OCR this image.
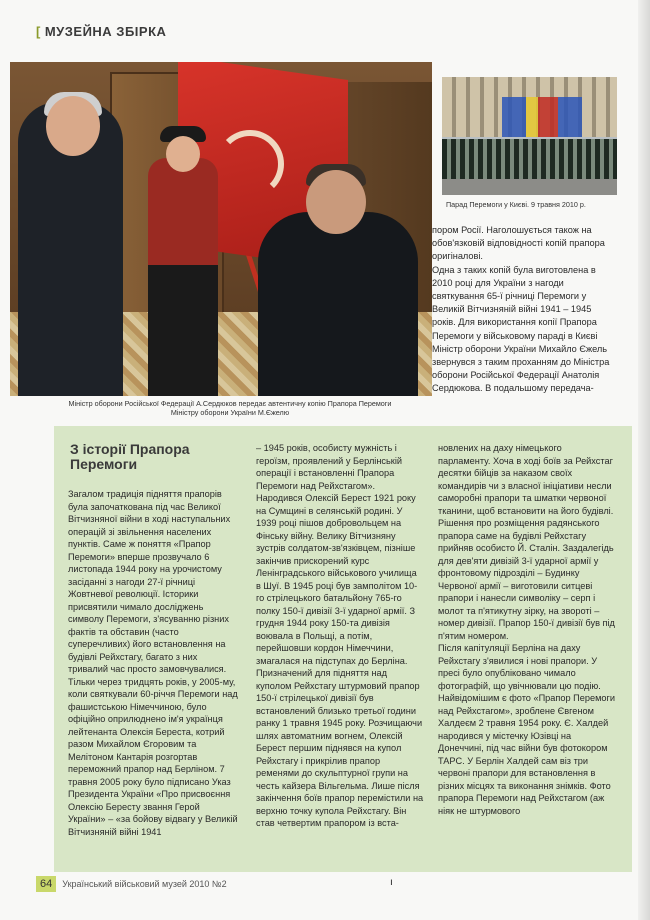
[ МУЗЕЙНА ЗБІРКА
Міністр оборони Російської Федерації А.Сердюков передає автентичну копію Прапора Перемоги Міністру оборони України М.Єжелю
Парад Перемоги у Києві. 9 травня 2010 р.

пором Росії. Наголошується також на обов'язковій відповідності копій прапора оригіналові.

Одна з таких копій була виготовлена в 2010 році для України з нагоди святкування 65-ї річниці Перемоги у Великій Вітчизняній війні 1941 – 1945 років. Для використання копії Прапора Перемоги у військовому параді в Києві Міністр оборони України Михайло Єжель звернувся з таким проханням до Міністра оборони Російської Федерації Анатолія Сердюкова. В подальшому передача-

З історії Прапора Перемоги

Загалом традиція підняття прапорів була започаткована під час Великої Вітчизняної війни в ході наступальних операцій зі звільнення населених пунктів. Саме ж поняття «Прапор Перемоги» вперше прозвучало 6 листопада 1944 року на урочистому засіданні з нагоди 27-ї річниці Жовтневої революції. Історики присвятили чимало досліджень символу Перемоги, з'ясуванню різних фактів та обставин (часто суперечливих) його встановлення на будівлі Рейхстагу, багато з них тривалий час просто замовчувалися.

Тільки через тридцять років, у 2005-му, коли святкували 60-річчя Перемоги над фашистською Німеччиною, було офіційно оприлюднено ім'я українця лейтенанта Олексія Береста, котрий разом Михайлом Єгоровим та Мелітоном Кантарія розгортав переможний прапор над Берліном. 7 травня 2005 року було підписано Указ Президента України «Про присвоєння Олексію Бересту звання Герой України» – «за бойову відвагу у Великій Вітчизняній війні 1941

– 1945 років, особисту мужність і героїзм, проявлений у Берлінській операції і встановленні Прапора Перемоги над Рейхстагом».

Народився Олексій Берест 1921 року на Сумщині в селянській родині. У 1939 році пішов добровольцем на Фінську війну. Велику Вітчизняну зустрів солдатом-зв'язківцем, пізніше закінчив прискорений курс Ленінградського військового училища в Шуї. В 1945 році був замполітом 10-го стрілецького батальйону 765-го полку 150-ї дивізії 3-ї ударної армії. З грудня 1944 року 150-та дивізія воювала в Польщі, а потім, перейшовши кордон Німеччини, змагалася на підступах до Берліна.

Призначений для підняття над куполом Рейхстагу штурмовий прапор 150-ї стрілецької дивізії був встановлений близько третьої години ранку 1 травня 1945 року. Розчищаючи шлях автоматним вогнем, Олексій Берест першим піднявся на купол Рейхстагу і прикрілив прапор ременями до скульптурної групи на честь кайзера Вільгельма. Лише після закінчення боїв прапор перемістили на верхню точку купола Рейхстагу. Він став четвертим прапором із вста-

новлених на даху німецького парламенту. Хоча в ході боїв за Рейхстаг десятки бійців за наказом своїх командирів чи з власної ініціативи несли саморобні прапори та шматки червоної тканини, щоб встановити на його будівлі.

Рішення про розміщення радянського прапора саме на будівлі Рейхстагу прийняв особисто Й. Сталін. Заздалегідь для дев'яти дивізій 3-ї ударної армії у фронтовому підрозділі – Будинку Червоної армії – виготовили ситцеві прапори і нанесли символіку – серп і молот та п'ятикутну зірку, на звороті – номер дивізії. Прапор 150-ї дивізії був під п'ятим номером.

Після капітуляції Берліна на даху Рейхстагу з'явилися і нові прапори. У пресі було опубліковано чимало фотографій, що увічнювали цю подію. Найвідомішим є фото «Прапор Перемоги над Рейхстагом», зроблене Євгеном Халдеєм 2 травня 1954 року. Є. Халдей народився у містечку Юзівці на Донеччині, під час війни був фотокором ТАРС. У Берлін Халдей сам віз три червоні прапори для встановлення в різних місцях та виконання знімків. Фото прапора Перемоги над Рейхстагом (аж ніяк не штурмового

ı
64 Український військовий музей 2010 №2
